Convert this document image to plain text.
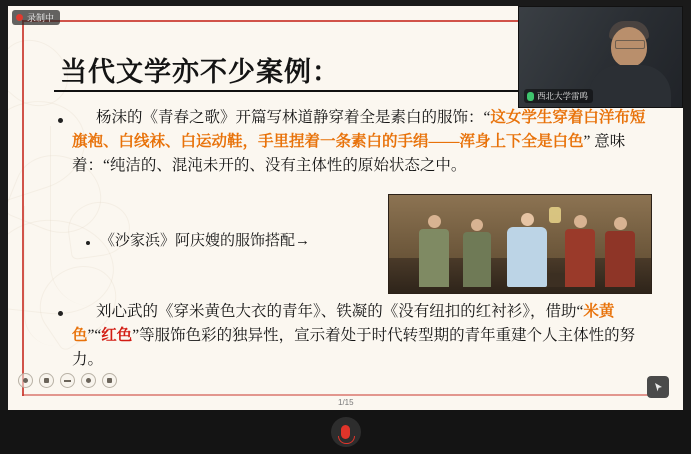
当代文学亦不少案例：
杨沫的《青春之歌》开篇写林道静穿着全是素白的服饰：“这女学生穿着白洋布短旗袍、白线袜、白运动鞋，手里捏着一条素白的手绢——浑身上下全是白色” 意味着：“纯洁的、混沌未开的、没有主体性的原始状态之中。
《沙家浜》阿庆嫂的服饰搭配→
刘心武的《穿米黄色大衣的青年》、铁凝的《没有纽扣的红衬衫》，借助“米黄色”“红色”等服饰色彩的独异性，宣示着处于时代转型期的青年重建个人主体性的努力。
1/15
录制中
西北大学雷鸣
